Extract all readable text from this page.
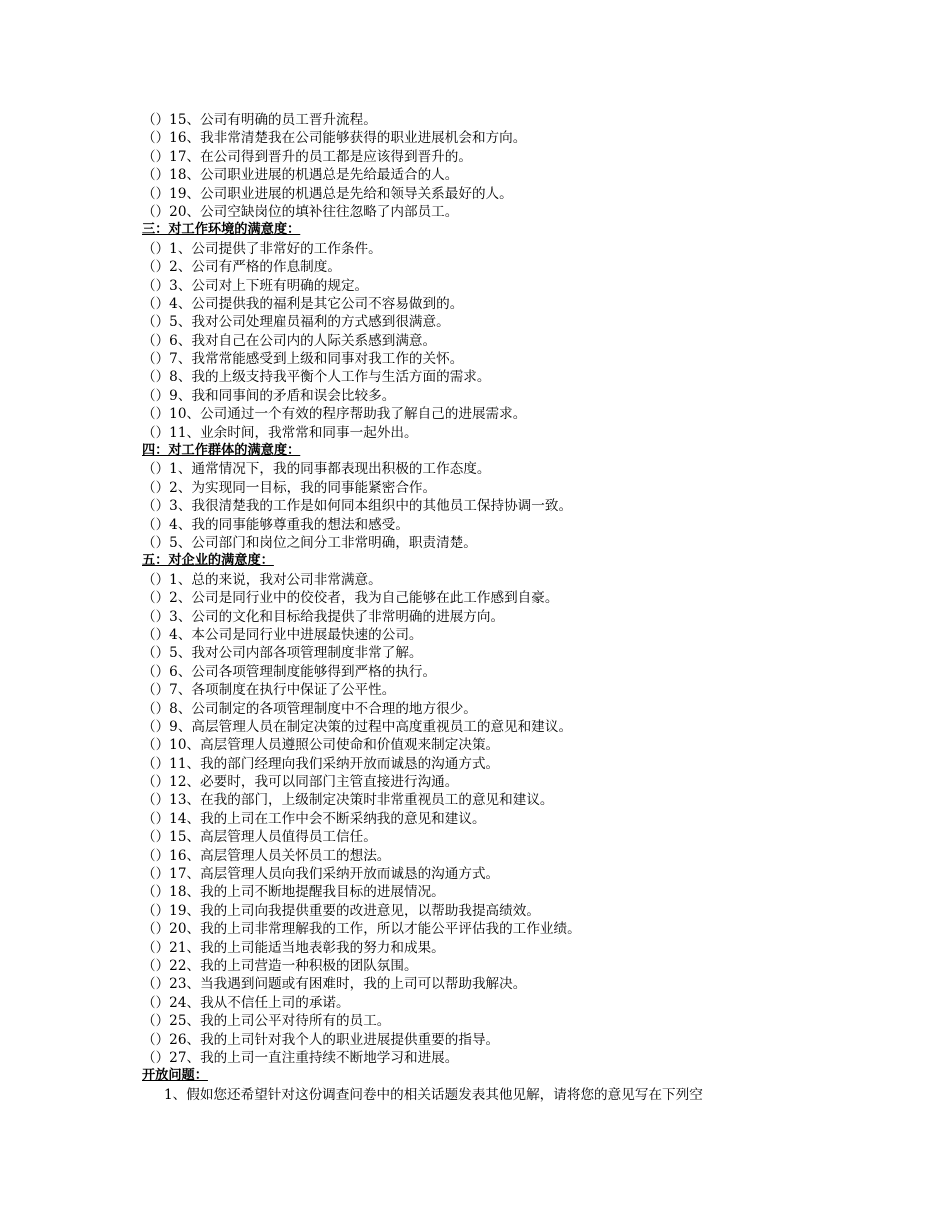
（）15、公司有明确的员工晋升流程。
（）16、我非常清楚我在公司能够获得的职业进展机会和方向。
（）17、在公司得到晋升的员工都是应该得到晋升的。
（）18、公司职业进展的机遇总是先给最适合的人。
（）19、公司职业进展的机遇总是先给和领导关系最好的人。
（）20、公司空缺岗位的填补往往忽略了内部员工。
三：对工作环境的满意度：
（）1、公司提供了非常好的工作条件。
（）2、公司有严格的作息制度。
（）3、公司对上下班有明确的规定。
（）4、公司提供我的福利是其它公司不容易做到的。
（）5、我对公司处理雇员福利的方式感到很满意。
（）6、我对自己在公司内的人际关系感到满意。
（）7、我常常能感受到上级和同事对我工作的关怀。
（）8、我的上级支持我平衡个人工作与生活方面的需求。
（）9、我和同事间的矛盾和误会比较多。
（）10、公司通过一个有效的程序帮助我了解自己的进展需求。
（）11、业余时间，我常常和同事一起外出。
四：对工作群体的满意度：
（）1、通常情况下，我的同事都表现出积极的工作态度。
（）2、为实现同一目标，我的同事能紧密合作。
（）3、我很清楚我的工作是如何同本组织中的其他员工保持协调一致。
（）4、我的同事能够尊重我的想法和感受。
（）5、公司部门和岗位之间分工非常明确，职责清楚。
五：对企业的满意度：
（）1、总的来说，我对公司非常满意。
（）2、公司是同行业中的佼佼者，我为自己能够在此工作感到自豪。
（）3、公司的文化和目标给我提供了非常明确的进展方向。
（）4、本公司是同行业中进展最快速的公司。
（）5、我对公司内部各项管理制度非常了解。
（）6、公司各项管理制度能够得到严格的执行。
（）7、各项制度在执行中保证了公平性。
（）8、公司制定的各项管理制度中不合理的地方很少。
（）9、高层管理人员在制定决策的过程中高度重视员工的意见和建议。
（）10、高层管理人员遵照公司使命和价值观来制定决策。
（）11、我的部门经理向我们采纳开放而诚恳的沟通方式。
（）12、必要时，我可以同部门主管直接进行沟通。
（）13、在我的部门，上级制定决策时非常重视员工的意见和建议。
（）14、我的上司在工作中会不断采纳我的意见和建议。
（）15、高层管理人员值得员工信任。
（）16、高层管理人员关怀员工的想法。
（）17、高层管理人员向我们采纳开放而诚恳的沟通方式。
（）18、我的上司不断地提醒我目标的进展情况。
（）19、我的上司向我提供重要的改进意见，以帮助我提高绩效。
（）20、我的上司非常理解我的工作，所以才能公平评估我的工作业绩。
（）21、我的上司能适当地表彰我的努力和成果。
（）22、我的上司营造一种积极的团队氛围。
（）23、当我遇到问题或有困难时，我的上司可以帮助我解决。
（）24、我从不信任上司的承诺。
（）25、我的上司公平对待所有的员工。
（）26、我的上司针对我个人的职业进展提供重要的指导。
（）27、我的上司一直注重持续不断地学习和进展。
开放问题：
1、假如您还希望针对这份调查问卷中的相关话题发表其他见解，请将您的意见写在下列空
